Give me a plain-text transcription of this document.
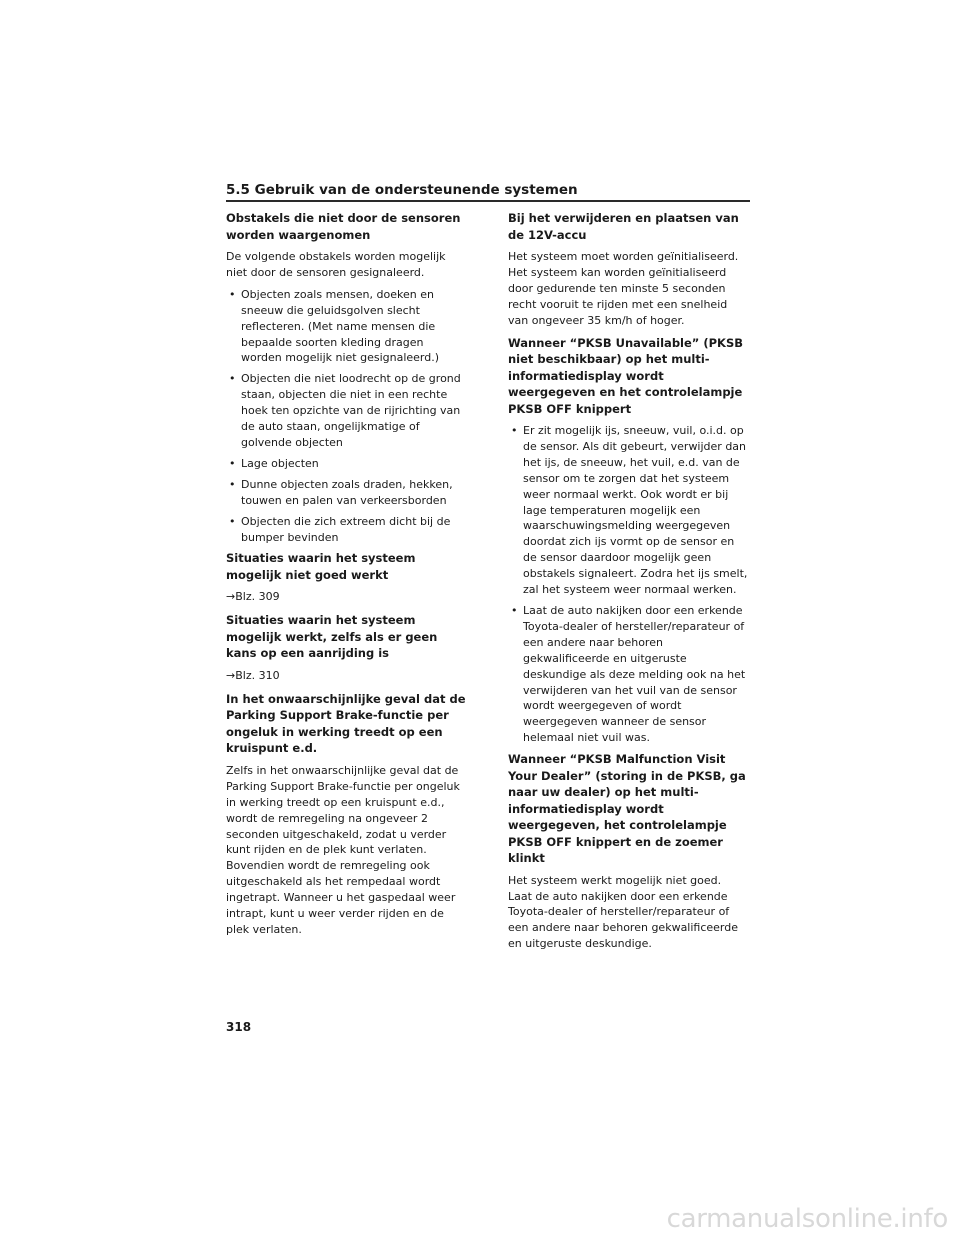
5.5 Gebruik van de ondersteunende systemen
Obstakels die niet door de sensoren worden waargenomen
De volgende obstakels worden mogelijk niet door de sensoren gesignaleerd.
• Objecten zoals mensen, doeken en sneeuw die geluidsgolven slecht reflecteren. (Met name mensen die bepaalde soorten kleding dragen worden mogelijk niet gesignaleerd.)
• Objecten die niet loodrecht op de grond staan, objecten die niet in een rechte hoek ten opzichte van de rijrichting van de auto staan, ongelijkmatige of golvende objecten
• Lage objecten
• Dunne objecten zoals draden, hekken, touwen en palen van verkeersborden
• Objecten die zich extreem dicht bij de bumper bevinden
Situaties waarin het systeem mogelijk niet goed werkt
→Blz. 309
Situaties waarin het systeem mogelijk werkt, zelfs als er geen kans op een aanrijding is
→Blz. 310
In het onwaarschijnlijke geval dat de Parking Support Brake-functie per ongeluk in werking treedt op een kruispunt e.d.
Zelfs in het onwaarschijnlijke geval dat de Parking Support Brake-functie per ongeluk in werking treedt op een kruispunt e.d., wordt de remregeling na ongeveer 2 seconden uitgeschakeld, zodat u verder kunt rijden en de plek kunt verlaten. Bovendien wordt de remregeling ook uitgeschakeld als het rempedaal wordt ingetrapt. Wanneer u het gaspedaal weer intrapt, kunt u weer verder rijden en de plek verlaten.
Bij het verwijderen en plaatsen van de 12V-accu
Het systeem moet worden geïnitialiseerd. Het systeem kan worden geïnitialiseerd door gedurende ten minste 5 seconden recht vooruit te rijden met een snelheid van ongeveer 35 km/h of hoger.
Wanneer “PKSB Unavailable” (PKSB niet beschikbaar) op het multi-informatiedisplay wordt weergegeven en het controlelampje PKSB OFF knippert
• Er zit mogelijk ijs, sneeuw, vuil, o.i.d. op de sensor. Als dit gebeurt, verwijder dan het ijs, de sneeuw, het vuil, e.d. van de sensor om te zorgen dat het systeem weer normaal werkt. Ook wordt er bij lage temperaturen mogelijk een waarschuwingsmelding weergegeven doordat zich ijs vormt op de sensor en de sensor daardoor mogelijk geen obstakels signaleert. Zodra het ijs smelt, zal het systeem weer normaal werken.
• Laat de auto nakijken door een erkende Toyota-dealer of hersteller/reparateur of een andere naar behoren gekwalificeerde en uitgeruste deskundige als deze melding ook na het verwijderen van het vuil van de sensor wordt weergegeven of wordt weergegeven wanneer de sensor helemaal niet vuil was.
Wanneer “PKSB Malfunction Visit Your Dealer” (storing in de PKSB, ga naar uw dealer) op het multi-informatiedisplay wordt weergegeven, het controlelampje PKSB OFF knippert en de zoemer klinkt
Het systeem werkt mogelijk niet goed. Laat de auto nakijken door een erkende Toyota-dealer of hersteller/reparateur of een andere naar behoren gekwalificeerde en uitgeruste deskundige.
318
carmanualsonline.info
